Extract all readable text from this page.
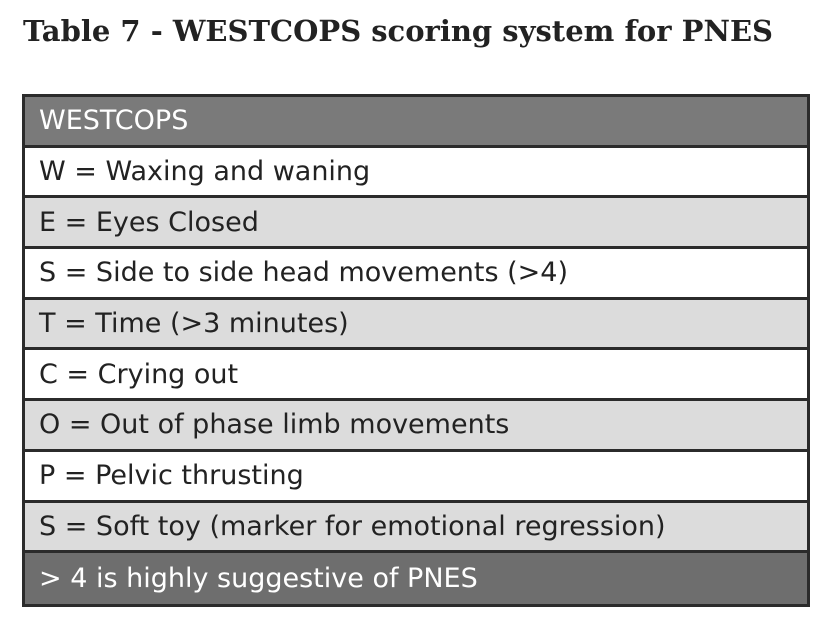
Table 7 - WESTCOPS scoring system for PNES
WESTCOPS
W = Waxing and waning
E = Eyes Closed
S = Side to side head movements (>4)
T = Time (>3 minutes)
C = Crying out
O = Out of phase limb movements
P = Pelvic thrusting
S = Soft toy (marker for emotional regression)
> 4 is highly suggestive of PNES
